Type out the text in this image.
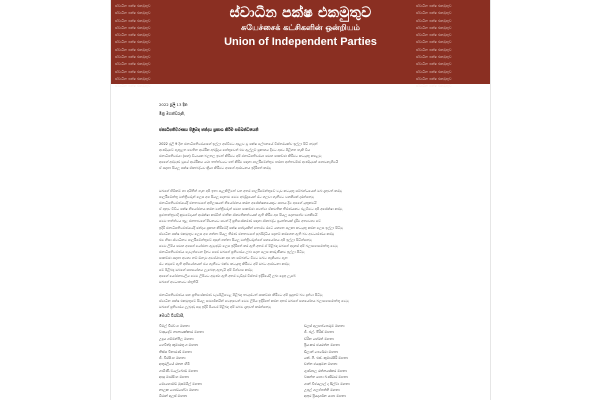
ස්වාධීන පක්ෂ එකමුතුව
ස්වාධීන පක්ෂ එකමුතුව
ස්වාධීන පක්ෂ එකමුතුව
ස්වාධීන පක්ෂ එකමුතුව
ස්වාධීන පක්ෂ එකමුතුව
ස්වාධීන පක්ෂ එකමුතුව
ස්වාධීන පක්ෂ එකමුතුව
ස්වාධීන පක්ෂ එකමුතුව
ස්වාධීන පක්ෂ එකමුතුව
ස්වාධීන පක්ෂ එකමුතුව
ස්වාධීන පක්ෂ එකමුතුව
ස්වාධීන පක්ෂ එකමුතුව
ස්වාධීන පක්ෂ එකමුතුව
ස්වාධීන පක්ෂ එකමුතුව
ස්වාධීන පක්ෂ එකමුතුව
ස්වාධීන පක්ෂ එකමුතුව
ස්වාධීන පක්ෂ එකමුතුව
ස්වාධීන පක්ෂ එකමුතුව
ස්වාධීන පක්ෂ එකමුතුව
ස්වාධීන පක්ෂ එකමුතුව
ස්වාධීන පක්ෂ එකමුතුව
ස්වාධීන පක්ෂ එකමුතුව
ස්වාධීන පක්ෂ එකමුතුව
ස්වාධීන පක්ෂ එකමුතුව
ස්වාධීන පක්ෂ එකමුතුව
சுயேச்சைக் கட்சிகளின் ஒன்றியம்
Union of Independent Parties
2022 ජූලි 13 දින
මිත්‍ර මහත්වරුනි,
ජනාධිපතිවරණය පිළිබඳ ඡන්දය ප්‍රකාශ කිරීම සම්බන්ධයෙනි
2022 ජූලි 9 දින ජනාධිපතිවරයාගේ ඉල්ලා අස්වීමට අදාළව වූ පක්ෂ ලේඛනයේ විස්තරයක්ව ඉල්ලා සිටි නමුත්
ආණ්ඩුවේ ඇතුළත පවතින ආර්ථික අර්බුදය හේතුවෙන් එම ඇල්ලුම් ප්‍රකාශය දීමට අපට පිළිගත හැකි විය
ජනාධිපතිවරයා (සහ) විධායක බලතල ඉවත් කිරීමට අපි ජනාධිපතිවරයා සමඟ සාකච්ඡා කිරීමට කටයුතු කළෙමු
අපගේ අරමුණ වූයේ ආර්ථිකය යථා තත්ත්වයට පත් කිරීම සඳහා පාර්ලිමේන්තුව හරහා අන්තර්වාර ආණ්ඩුවක් ගොඩනැගීමයි
ඒ සඳහා සියලු පක්ෂ ඒකාබද්ධව ක්‍රියා කිරීමට අපගේ ආරාධනය ඉදිරිපත් කරමු
ඔබගේ හිමිකම් හා අයිතීන් ගැන අපි ඉතා සැලකිලිමත් වන අතර පාර්ලිමේන්තුවේ වැඩ කටයුතු සම්බන්ධයෙන් ඔබ දැනුවත් කරමු
පාර්ලිමේන්තු මන්ත්‍රීවරුන් ලෙස අප සියලු දෙනාම මෙම අර්බුදයෙන් රට ගලවා ගැනීමට වගකීමක් දරන්නෙමු
ජනාධිපතිවරණයේදී ජනතාවගේ අභිලාෂයන් නියෝජනය කරන අපේක්ෂකයෙකුට සහාය දීම අපගේ යුතුකමයි
ඒ අනුව විවිධ පක්ෂ නියෝජනය කරන මන්ත්‍රීවරුන් සමඟ සාකච්ඡා පවත්වා ඒකමතික තීරණයකට එළඹීමට අපි අපේක්ෂා කරමු
ප්‍රජාතන්ත්‍රවාදී ක්‍රමවේදයන් ආරක්ෂා කරමින් ජාතික ඒකමතිකත්වයක් ඇති කිරීම අප සියලු දෙනාගේම වගකීමයි
මෙම තත්ත්වය තුළ ජනතාවගේ පීඩනයට සවන් දී ප්‍රතිසංස්කරණ සඳහා ඒකාබද්ධ ප්‍රයත්නයක් දැරීම අත්‍යවශ්‍ය වේ
ඉදිරි ජනාධිපතිවරණයේදී ඡන්දය ප්‍රකාශ කිරීමේදී පක්ෂ භේදයකින් තොරව රටේ යහපත සලකා කටයුතු කරන ලෙස ඉල්ලා සිටිමු
ස්වාධීන පක්ෂ එකමුතුව ලෙස අප ගන්නා සියලු තීරණ ජනතාවගේ සුබසිද්ධිය පදනම් කරගෙන ඇති බව අවධාරණය කරමු
එම නිසා ස්වාධීනව පාර්ලිමේන්තුවේ අසුන් ගන්නා සියලු මන්ත්‍රීවරුන්ගේ සහයෝගය අපි ඉල්ලා සිටින්නෙමු
මෙම ලිපිය සමඟ අපගේ යෝජනා ඇමුණුම් ලෙස ඉදිරිපත් කර ඇති අතර ඒ පිළිබඳ ඔබගේ අදහස් අපි බලාපොරොත්තු වෙමු
ජනාධිපතිවරණය පැවැත්වෙන දිනට පෙර ඔබගේ ප්‍රතිචාරය ලබා දෙන ලෙස කාරුණිකව ඉල්ලා සිටිමු
සාකච්ඡා සඳහා අවශ්‍ය නම් ඕනෑම අවස්ථාවක අප හා සම්බන්ධ වීමට ඔබට හැකියාව ඇත
රට හමුවේ ඇති අභියෝගයන් ජය ගැනීමට එක්ව කටයුතු කිරීමට අපි ඔබට ආරාධනා කරමු
මේ පිළිබඳ ඔබගේ සහයෝගය ලැබෙනු ඇතැයි අපි විශ්වාස කරමු
අපගේ යෝජනාවලිය මෙම ලිපියට අමුණා ඇති අතර වැඩිදුර විස්තර ඉදිරියේදී ලබා දෙනු ලැබේ
ඔබගේ අවධානයට ස්තූතියි
ජනාධිපතිවරණය සහ ප්‍රතිසංස්කරණ වැඩපිළිවෙළ පිළිබඳ තවදුරටත් සාකච්ඡා කිරීමට අපි සූදානම් බව දන්වා සිටිමු
ස්වාධීන පක්ෂ එකමුතුවේ සියලු සාමාජිකයින් වෙනුවෙන් මෙම ලිපිය ඉදිරිපත් කරන අතර ඔබගේ සහයෝගය බලාපොරොත්තු වෙමු
ඔබගේ ප්‍රතිචාරය ලැබුණු පසු ඉදිරි පියවර පිළිබඳ අපි ඔබව දැනුවත් කරන්නෙමු
මෙයට විශ්වාසී,
විමල් වීරවංශ මහතා	ඩලස් අලහප්පෙරුම මහතා
වාසුදේව නානායක්කාර මහතා	ජී. එල්. පීරිස් මහතා
උදය ගම්මන්පිල මහතා	චරිත හේරත් මහතා
ගෙවින්දු කුමාරතුංග මහතා	ප්‍රියංකර ජයරත්න මහතා
තිස්ස විතාරණ මහතා	ඩිලාන් පෙරේරා මහතා
ජී. වීරසිංහ මහතා	කේ. පී. එස්. කුමාරසිරි මහතා
අතුරලියේ රතන හිමි	චන්න ජයසුමන මහතා
ගාමිණී වලේබොඩ මහතා	ගුණපාල රත්නසේකර මහතා
ආසු මාරසිංහ මහතා	වසන්ත යාපා බණ්ඩාර මහතා
මොහොමඩ් මුසම්මිල් මහතා	ශාන් විජයලාල් ද සිල්වා මහතා
නාලක ගොඩහේවා මහතා	උපුල් ගලප්පත්ති මහතා
ටිරාන් අලස් මහතා	අනුර ප්‍රියදර්ශන යාපා මහතා
